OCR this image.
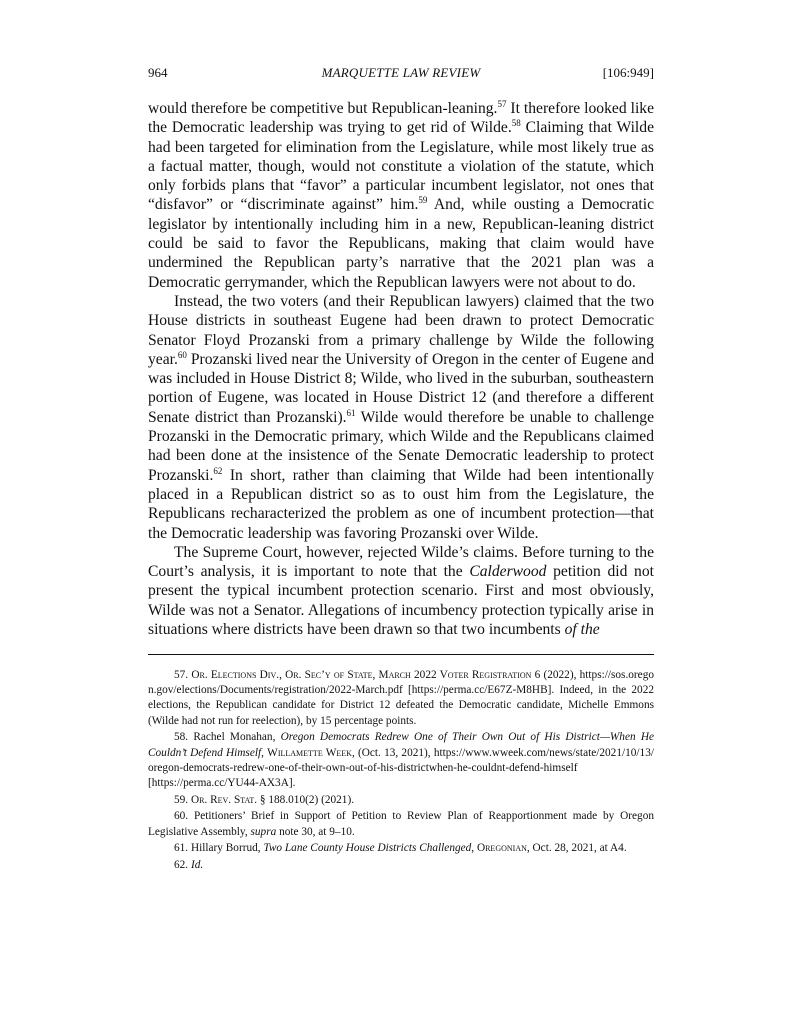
964	MARQUETTE LAW REVIEW	[106:949]

would therefore be competitive but Republican-leaning.$^{57}$ It therefore looked like the Democratic leadership was trying to get rid of Wilde.$^{58}$ Claiming that Wilde had been targeted for elimination from the Legislature, while most likely true as a factual matter, though, would not constitute a violation of the statute, which only forbids plans that “favor” a particular incumbent legislator, not ones that “disfavor” or “discriminate against” him.$^{59}$ And, while ousting a Democratic legislator by intentionally including him in a new, Republican-leaning district could be said to favor the Republicans, making that claim would have undermined the Republican party’s narrative that the 2021 plan was a Democratic gerrymander, which the Republican lawyers were not about to do.

Instead, the two voters (and their Republican lawyers) claimed that the two House districts in southeast Eugene had been drawn to protect Democratic Senator Floyd Prozanski from a primary challenge by Wilde the following year.$^{60}$ Prozanski lived near the University of Oregon in the center of Eugene and was included in House District 8; Wilde, who lived in the suburban, southeastern portion of Eugene, was located in House District 12 (and therefore a different Senate district than Prozanski).$^{61}$ Wilde would therefore be unable to challenge Prozanski in the Democratic primary, which Wilde and the Republicans claimed had been done at the insistence of the Senate Democratic leadership to protect Prozanski.$^{62}$ In short, rather than claiming that Wilde had been intentionally placed in a Republican district so as to oust him from the Legislature, the Republicans recharacterized the problem as one of incumbent protection—that the Democratic leadership was favoring Prozanski over Wilde.

The Supreme Court, however, rejected Wilde’s claims. Before turning to the Court’s analysis, it is important to note that the Calderwood petition did not present the typical incumbent protection scenario. First and most obviously, Wilde was not a Senator. Allegations of incumbency protection typically arise in situations where districts have been drawn so that two incumbents of the

57. Or. Elections Div., Or. Sec’y of State, March 2022 Voter Registration 6 (2022), https://sos.oregon.gov/elections/Documents/registration/2022-March.pdf [https://perma.cc/E67Z-M8HB]. Indeed, in the 2022 elections, the Republican candidate for District 12 defeated the Democratic candidate, Michelle Emmons (Wilde had not run for reelection), by 15 percentage points.

58. Rachel Monahan, Oregon Democrats Redrew One of Their Own Out of His District—When He Couldn’t Defend Himself, Willamette Week, (Oct. 13, 2021), https://www.wweek.com/news/state/2021/10/13/oregon-democrats-redrew-one-of-their-own-out-of-his-districtwhen-he-couldnt-defend-himself [https://perma.cc/YU44-AX3A].

59. Or. Rev. Stat. § 188.010(2) (2021).

60. Petitioners’ Brief in Support of Petition to Review Plan of Reapportionment made by Oregon Legislative Assembly, supra note 30, at 9–10.

61. Hillary Borrud, Two Lane County House Districts Challenged, Oregonian, Oct. 28, 2021, at A4.

62. Id.
